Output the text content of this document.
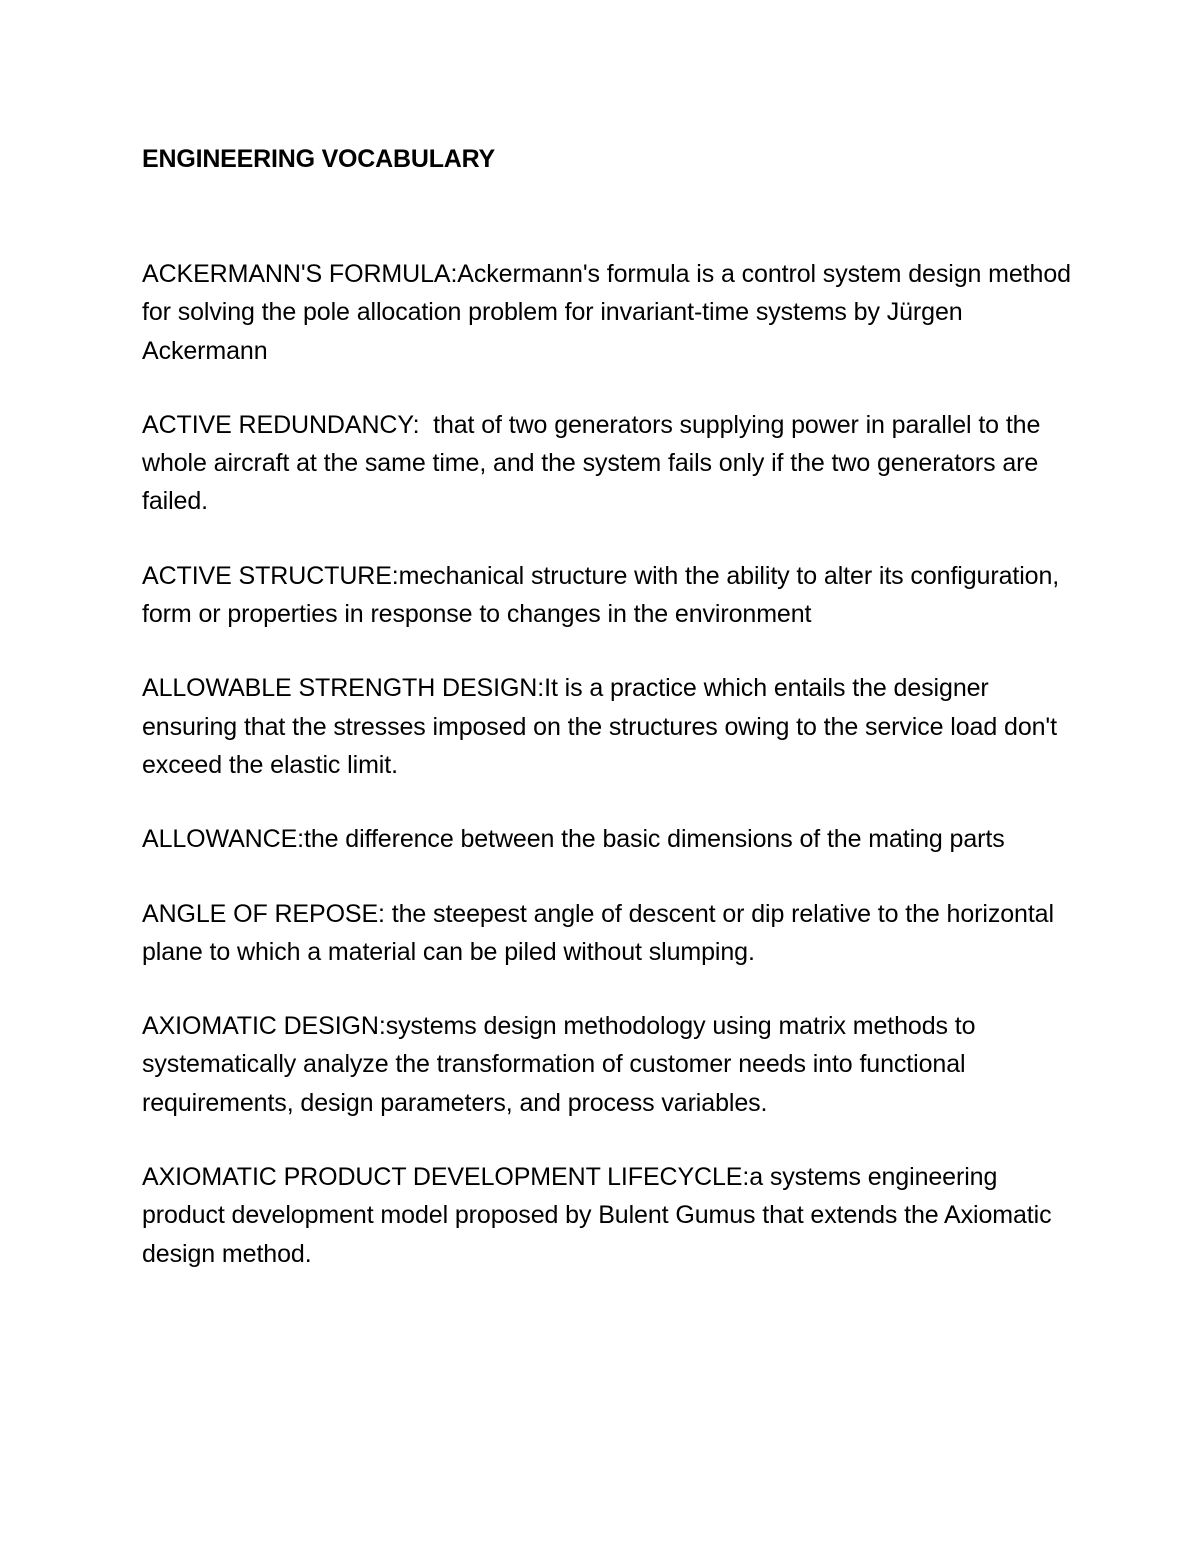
ENGINEERING VOCABULARY

ACKERMANN'S FORMULA:Ackermann's formula is a control system design method for solving the pole allocation problem for invariant-time systems by Jürgen Ackermann

ACTIVE REDUNDANCY:  that of two generators supplying power in parallel to the whole aircraft at the same time, and the system fails only if the two generators are failed.

ACTIVE STRUCTURE:mechanical structure with the ability to alter its configuration, form or properties in response to changes in the environment

ALLOWABLE STRENGTH DESIGN:It is a practice which entails the designer ensuring that the stresses imposed on the structures owing to the service load don't exceed the elastic limit.

ALLOWANCE:the difference between the basic dimensions of the mating parts

ANGLE OF REPOSE: the steepest angle of descent or dip relative to the horizontal plane to which a material can be piled without slumping.

AXIOMATIC DESIGN:systems design methodology using matrix methods to systematically analyze the transformation of customer needs into functional requirements, design parameters, and process variables.

AXIOMATIC PRODUCT DEVELOPMENT LIFECYCLE:a systems engineering product development model proposed by Bulent Gumus that extends the Axiomatic design method.
